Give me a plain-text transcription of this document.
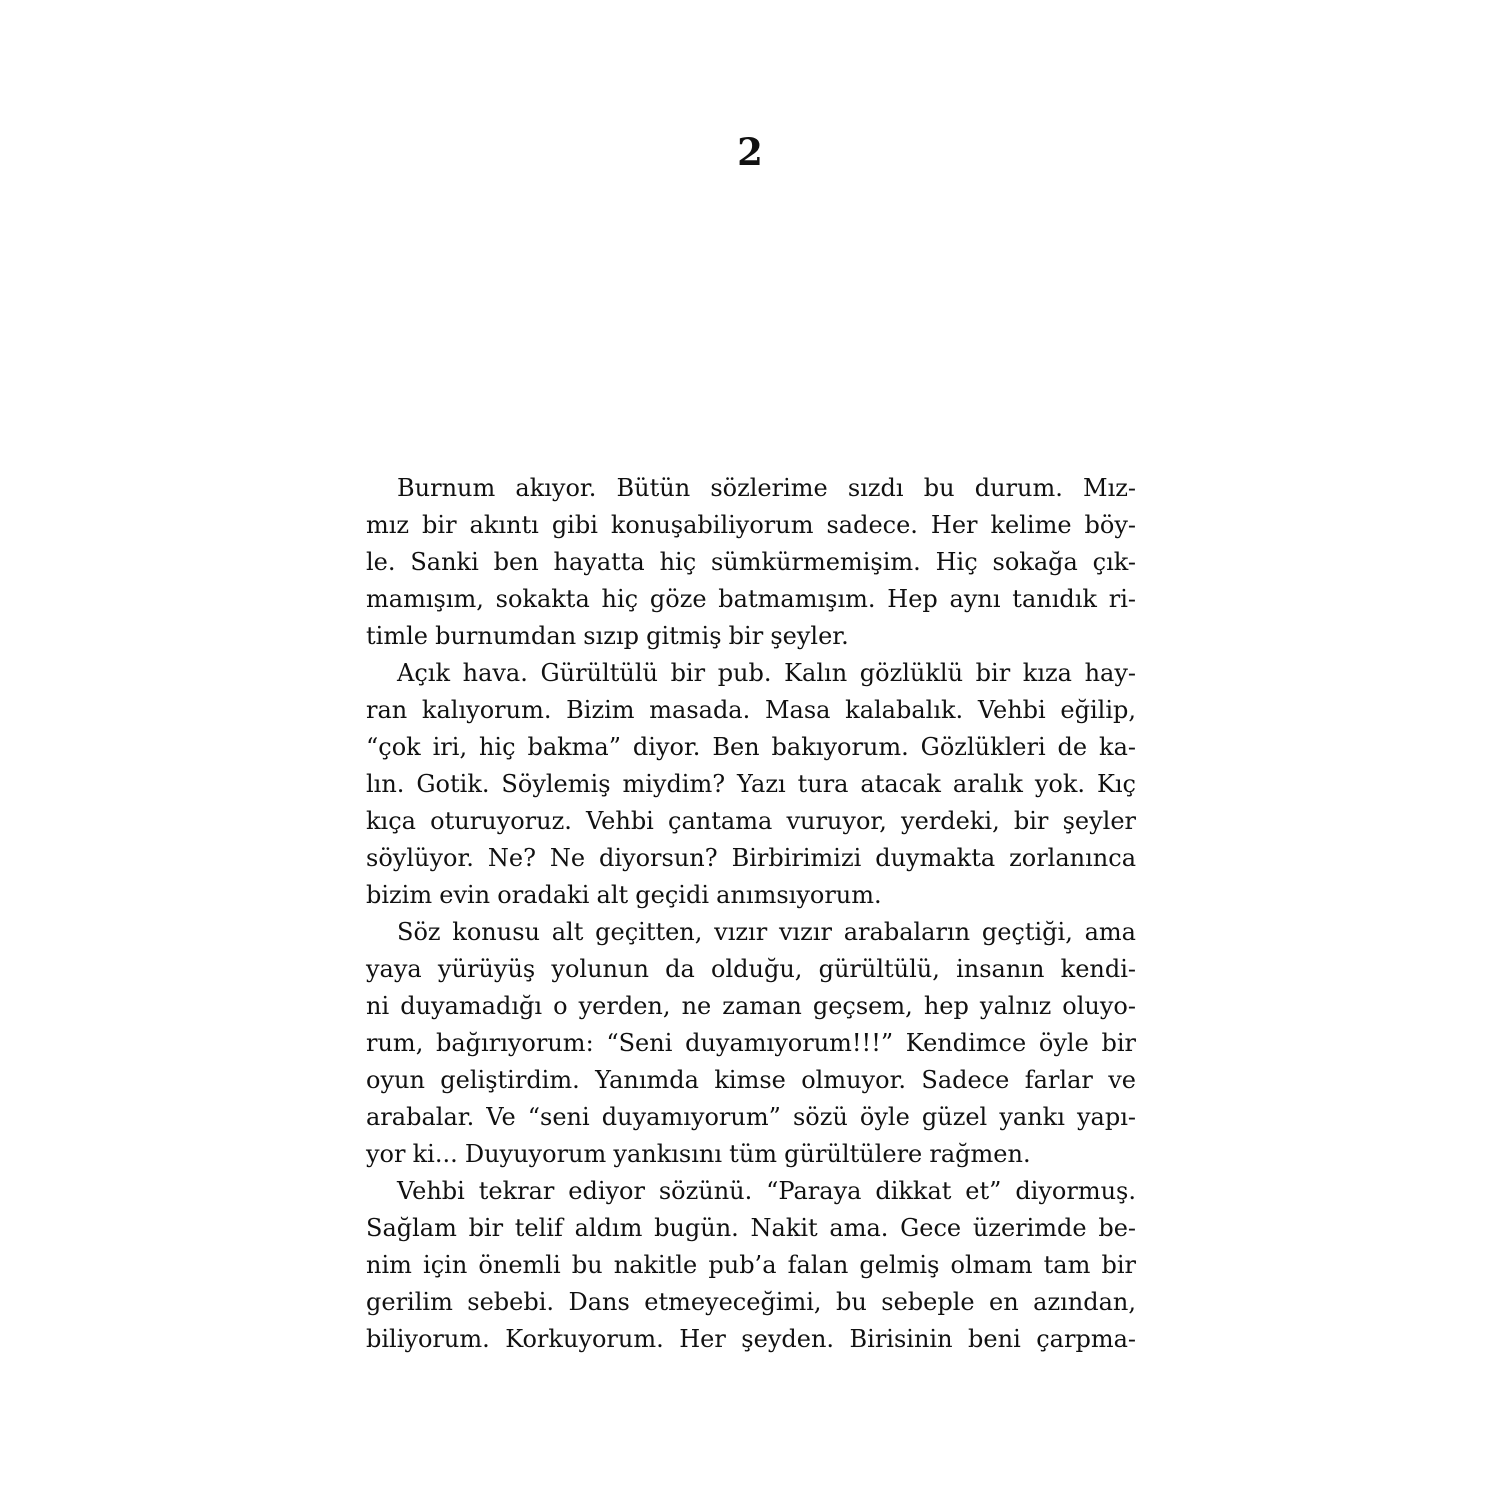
2
Burnum akıyor. Bütün sözlerime sızdı bu durum. Mız-
mız bir akıntı gibi konuşabiliyorum sadece. Her kelime böy-
le. Sanki ben hayatta hiç sümkürmemişim. Hiç sokağa çık-
mamışım, sokakta hiç göze batmamışım. Hep aynı tanıdık ri-
timle burnumdan sızıp gitmiş bir şeyler.
Açık hava. Gürültülü bir pub. Kalın gözlüklü bir kıza hay-
ran kalıyorum. Bizim masada. Masa kalabalık. Vehbi eğilip,
“çok iri, hiç bakma” diyor. Ben bakıyorum. Gözlükleri de ka-
lın. Gotik. Söylemiş miydim? Yazı tura atacak aralık yok. Kıç
kıça oturuyoruz. Vehbi çantama vuruyor, yerdeki, bir şeyler
söylüyor. Ne? Ne diyorsun? Birbirimizi duymakta zorlanınca
bizim evin oradaki alt geçidi anımsıyorum.
Söz konusu alt geçitten, vızır vızır arabaların geçtiği, ama
yaya yürüyüş yolunun da olduğu, gürültülü, insanın kendi-
ni duyamadığı o yerden, ne zaman geçsem, hep yalnız oluyo-
rum, bağırıyorum: “Seni duyamıyorum!!!” Kendimce öyle bir
oyun geliştirdim. Yanımda kimse olmuyor. Sadece farlar ve
arabalar. Ve “seni duyamıyorum” sözü öyle güzel yankı yapı-
yor ki... Duyuyorum yankısını tüm gürültülere rağmen.
Vehbi tekrar ediyor sözünü. “Paraya dikkat et” diyormuş.
Sağlam bir telif aldım bugün. Nakit ama. Gece üzerimde be-
nim için önemli bu nakitle pub’a falan gelmiş olmam tam bir
gerilim sebebi. Dans etmeyeceğimi, bu sebeple en azından,
biliyorum. Korkuyorum. Her şeyden. Birisinin beni çarpma-
